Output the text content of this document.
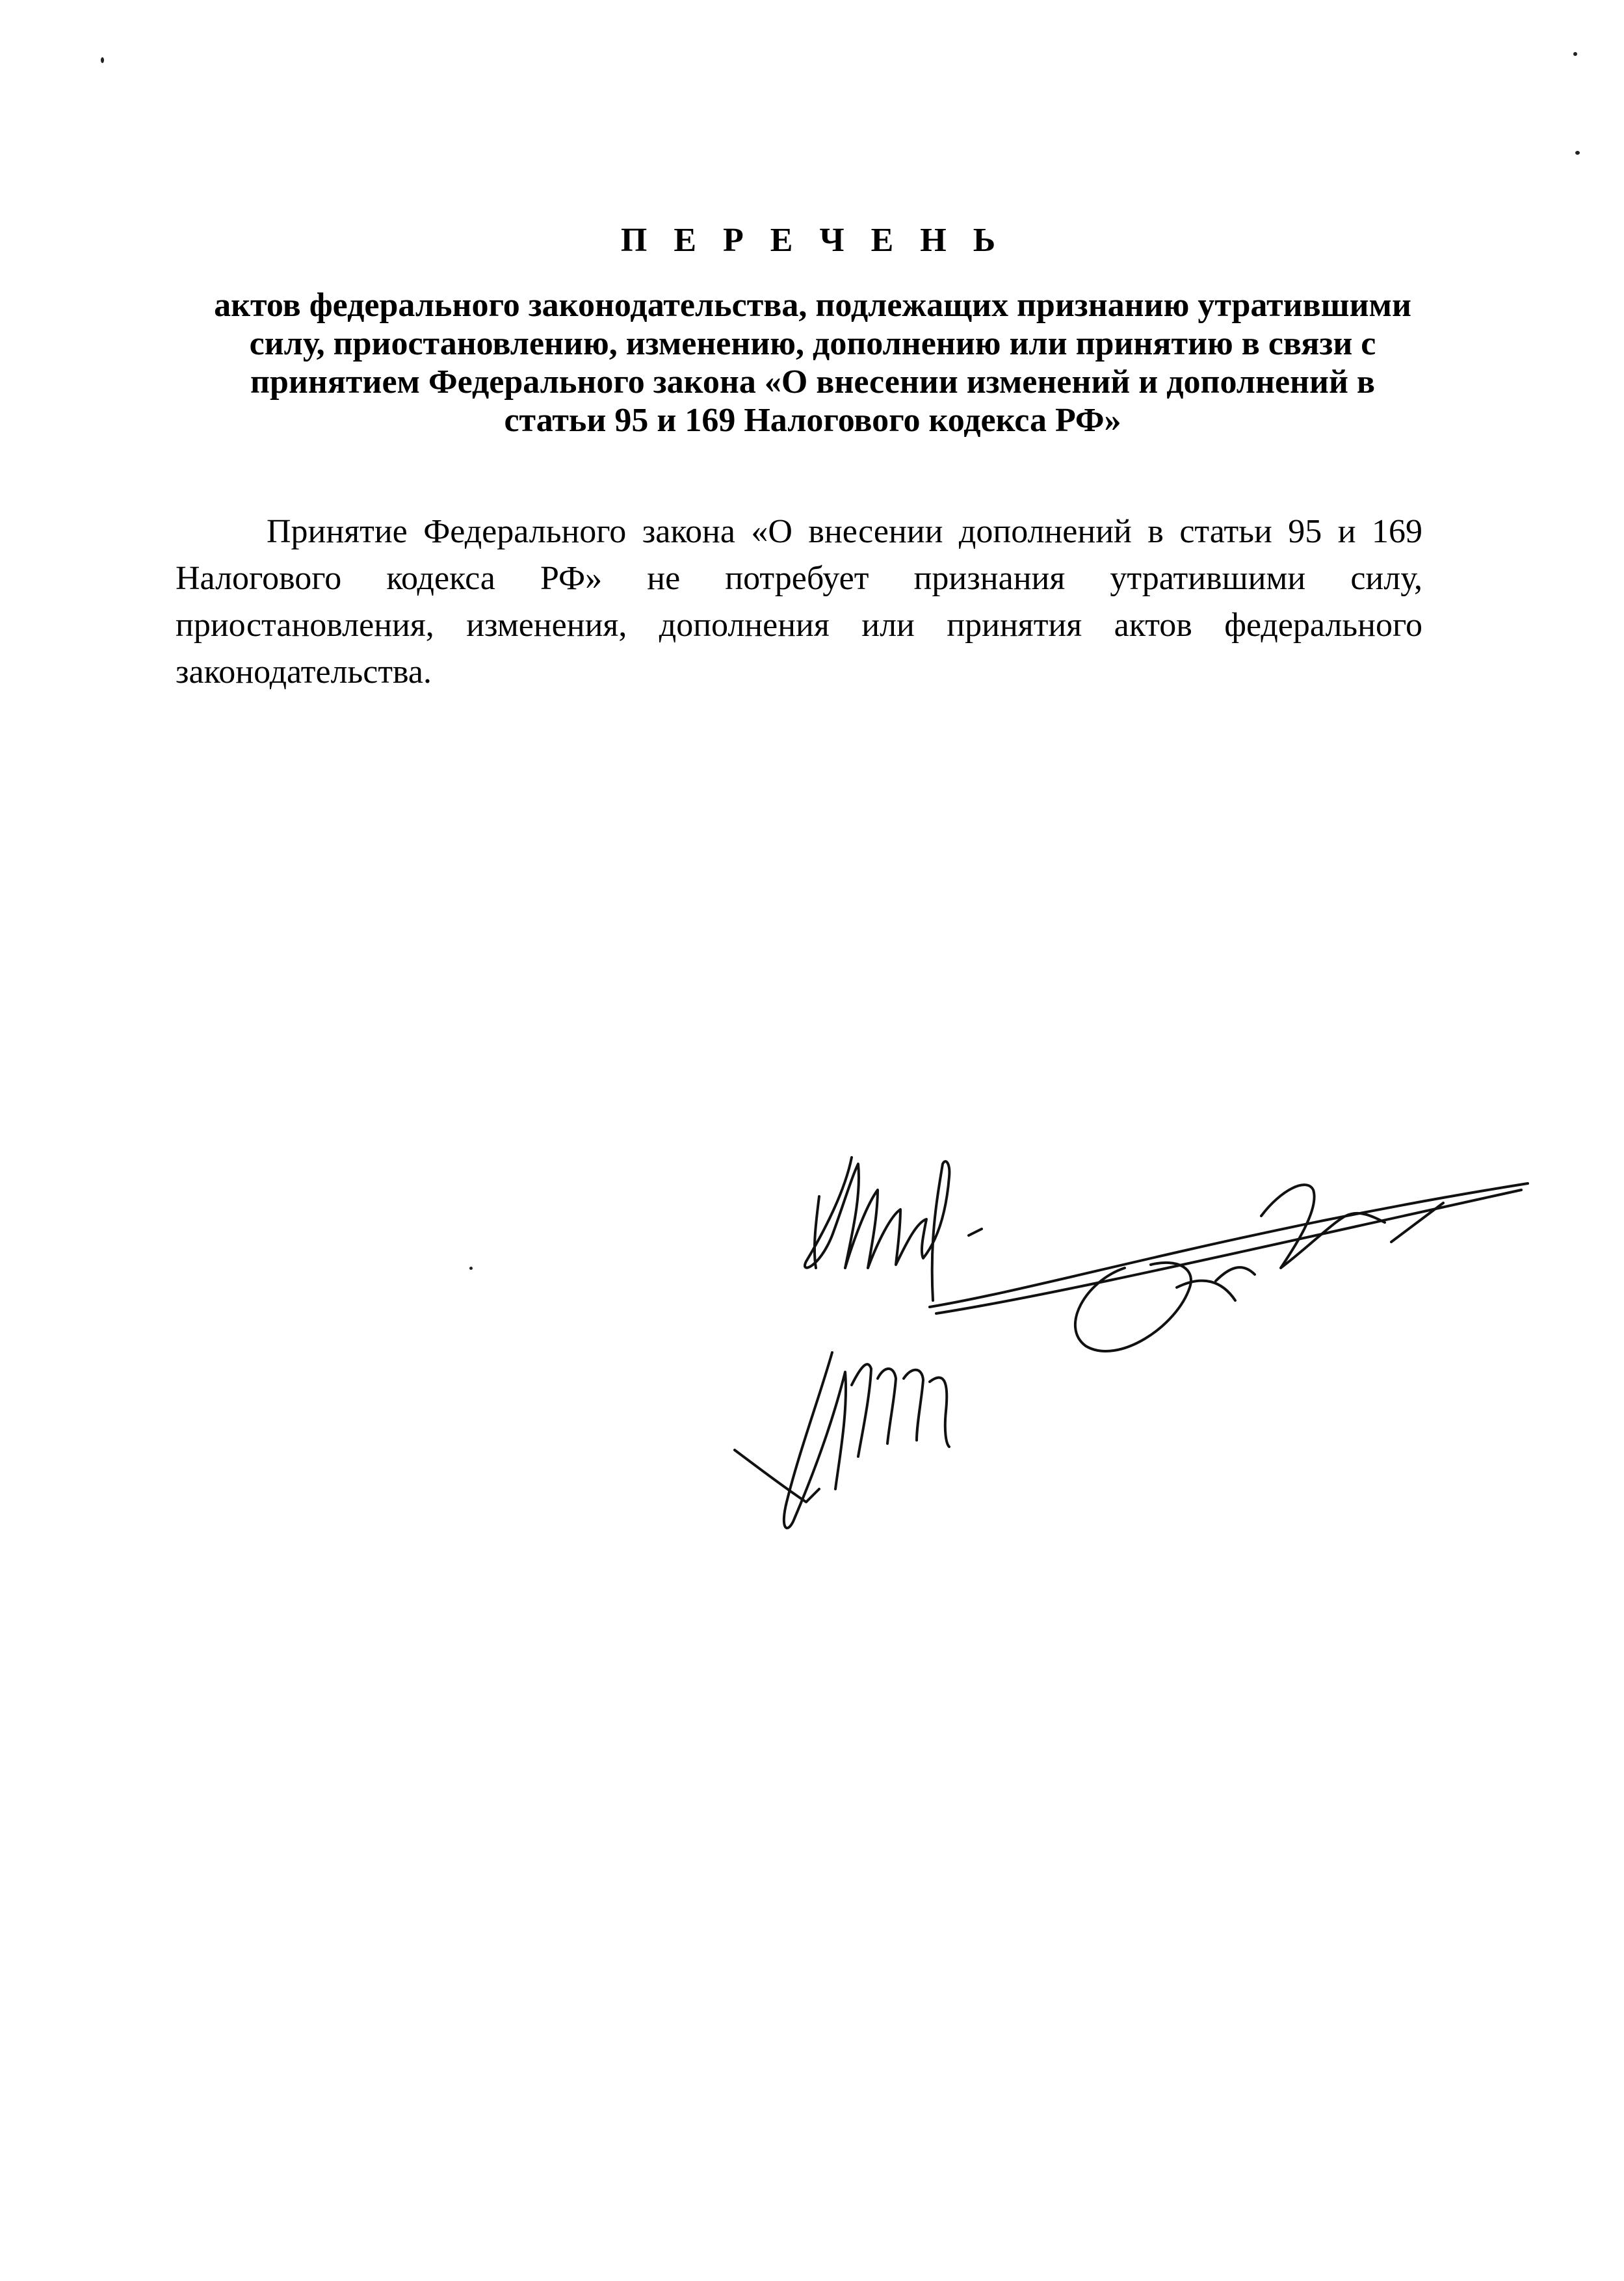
П Е Р Е Ч Е Н Ь
актов федерального законодательства, подлежащих признанию утратившими силу, приостановлению, изменению, дополнению или принятию в связи с принятием Федерального закона «О внесении изменений и дополнений в статьи 95 и 169 Налогового кодекса РФ»
Принятие Федерального закона «О внесении дополнений в статьи 95 и 169 Налогового кодекса РФ» не потребует признания утратившими силу, приостановления, изменения, дополнения или принятия актов федерального законодательства.
